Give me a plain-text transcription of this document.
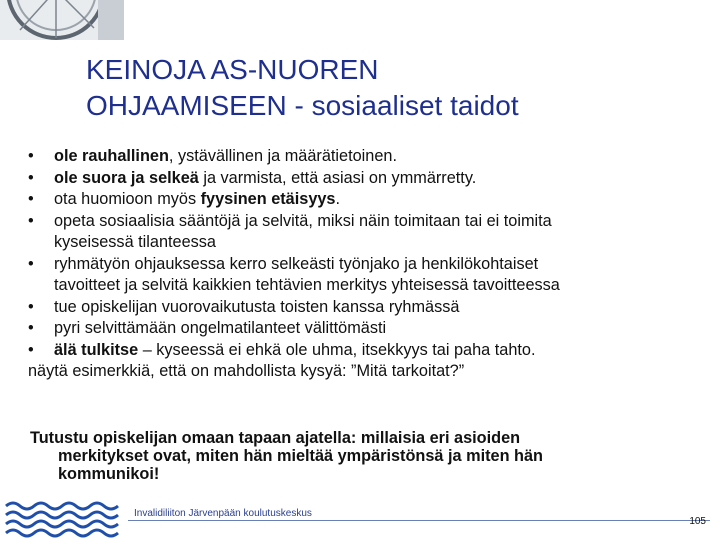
KEINOJA AS-NUOREN
OHJAAMISEEN - sosiaaliset taidot
• ole rauhallinen, ystävällinen ja määrätietoinen.
• ole suora ja selkeä ja varmista, että asiasi on ymmärretty.
• ota huomioon myös fyysinen etäisyys.
• opeta sosiaalisia sääntöjä ja selvitä, miksi näin toimitaan tai ei toimita
kyseisessä tilanteessa
• ryhmätyön ohjauksessa kerro selkeästi työnjako ja henkilökohtaiset
tavoitteet ja selvitä kaikkien tehtävien merkitys yhteisessä tavoitteessa
• tue opiskelijan vuorovaikutusta toisten kanssa ryhmässä
• pyri selvittämään ongelmatilanteet välittömästi
• älä tulkitse – kyseessä ei ehkä ole uhma, itsekkyys tai paha tahto.
näytä esimerkkiä, että on mahdollista kysyä: ”Mitä tarkoitat?”
Tutustu opiskelijan omaan tapaan ajatella: millaisia eri asioiden
merkitykset ovat, miten hän mieltää ympäristönsä ja miten hän
kommunikoi!
Invalidiliiton Järvenpään koulutuskeskus
105
